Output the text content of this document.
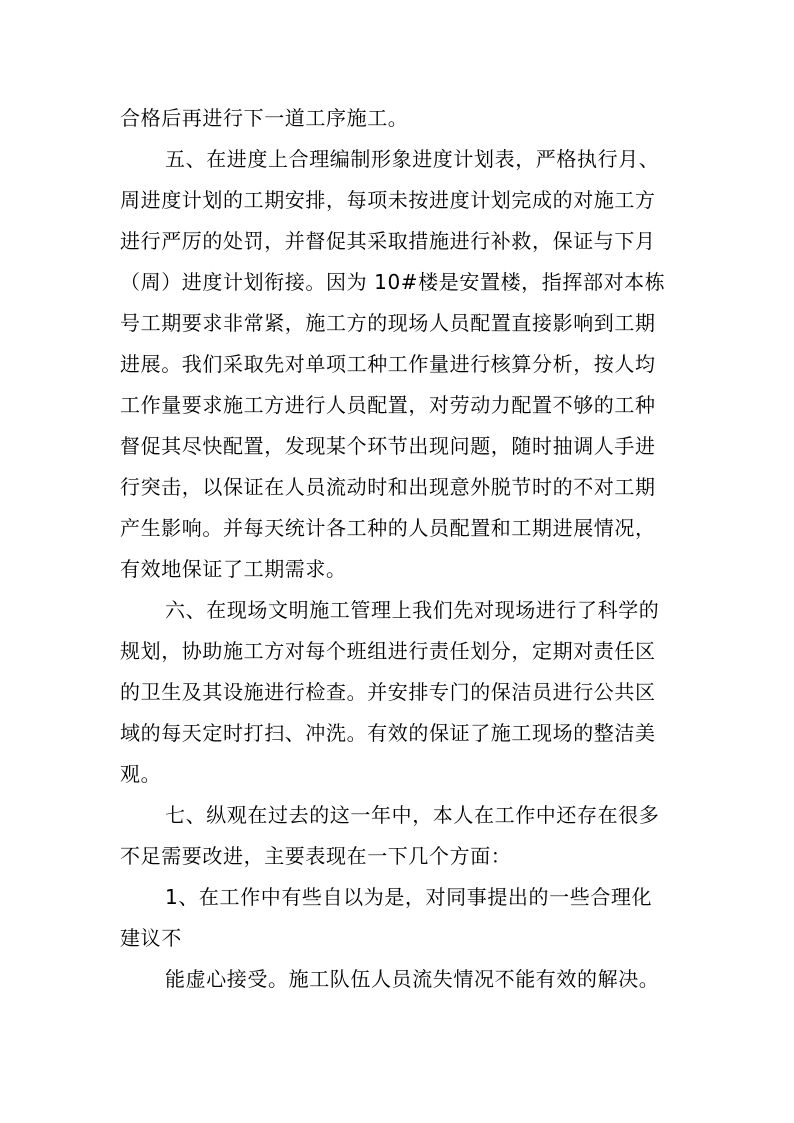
合格后再进行下一道工序施工。
五、在进度上合理编制形象进度计划表，严格执行月、
周进度计划的工期安排，每项未按进度计划完成的对施工方
进行严厉的处罚，并督促其采取措施进行补救，保证与下月
（周）进度计划衔接。因为 10#楼是安置楼，指挥部对本栋
号工期要求非常紧，施工方的现场人员配置直接影响到工期
进展。我们采取先对单项工种工作量进行核算分析，按人均
工作量要求施工方进行人员配置，对劳动力配置不够的工种
督促其尽快配置，发现某个环节出现问题，随时抽调人手进
行突击，以保证在人员流动时和出现意外脱节时的不对工期
产生影响。并每天统计各工种的人员配置和工期进展情况，
有效地保证了工期需求。
六、在现场文明施工管理上我们先对现场进行了科学的
规划，协助施工方对每个班组进行责任划分，定期对责任区
的卫生及其设施进行检查。并安排专门的保洁员进行公共区
域的每天定时打扫、冲洗。有效的保证了施工现场的整洁美
观。
七、纵观在过去的这一年中，本人在工作中还存在很多
不足需要改进，主要表现在一下几个方面：
1、在工作中有些自以为是，对同事提出的一些合理化
建议不
能虚心接受。施工队伍人员流失情况不能有效的解决。
